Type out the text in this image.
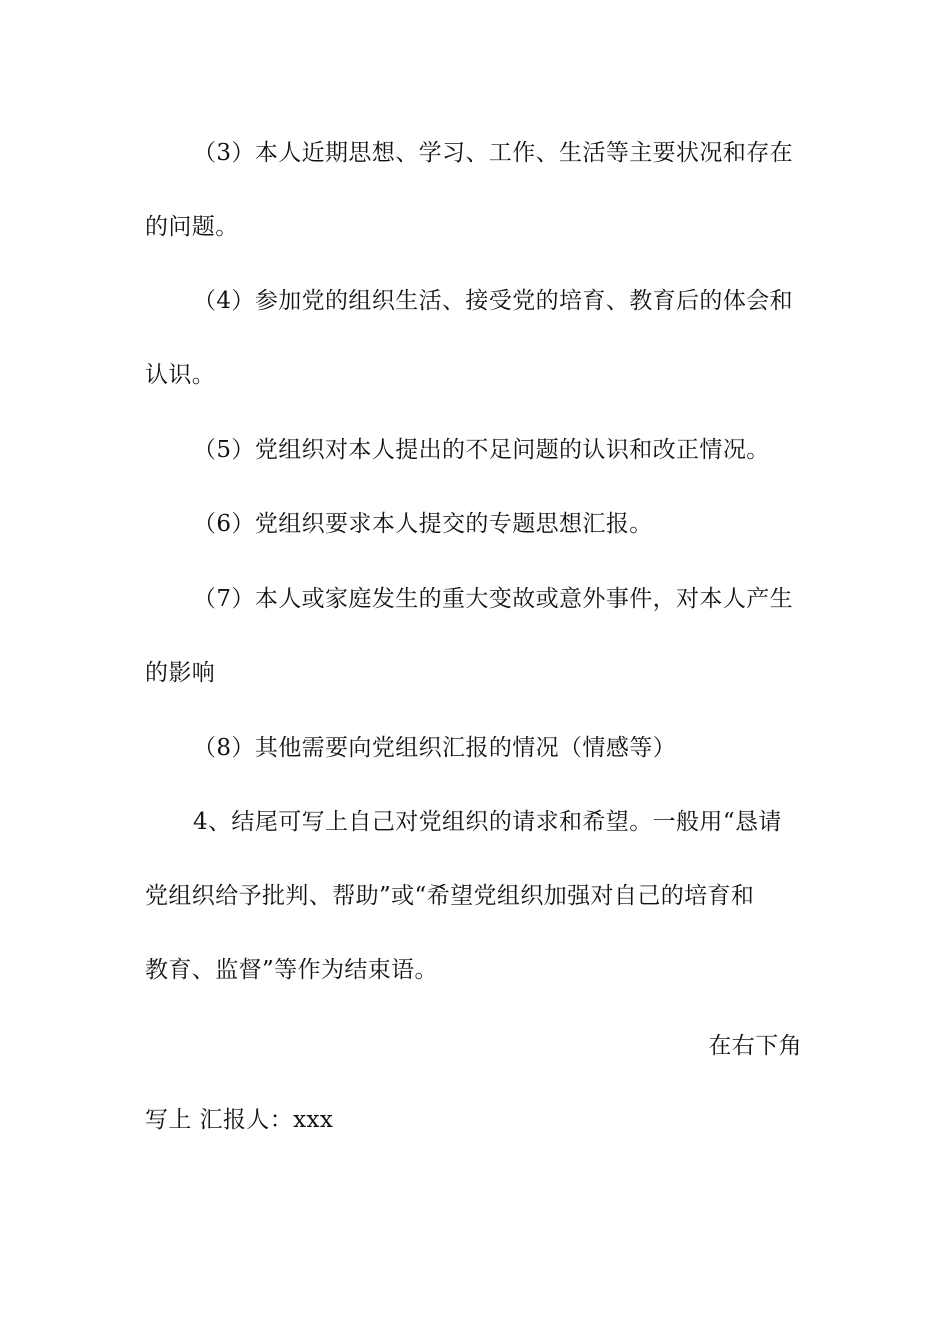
（3）本人近期思想、学习、工作、生活等主要状况和存在
的问题。
（4）参加党的组织生活、接受党的培育、教育后的体会和
认识。
（5）党组织对本人提出的不足问题的认识和改正情况。
（6）党组织要求本人提交的专题思想汇报。
（7）本人或家庭发生的重大变故或意外事件，对本人产生
的影响
（8）其他需要向党组织汇报的情况（情感等）
4、结尾可写上自己对党组织的请求和希望。一般用“恳请
党组织给予批判、帮助”或“希望党组织加强对自己的培育和
教育、监督”等作为结束语。
在右下角
写上 汇报人：xxx
